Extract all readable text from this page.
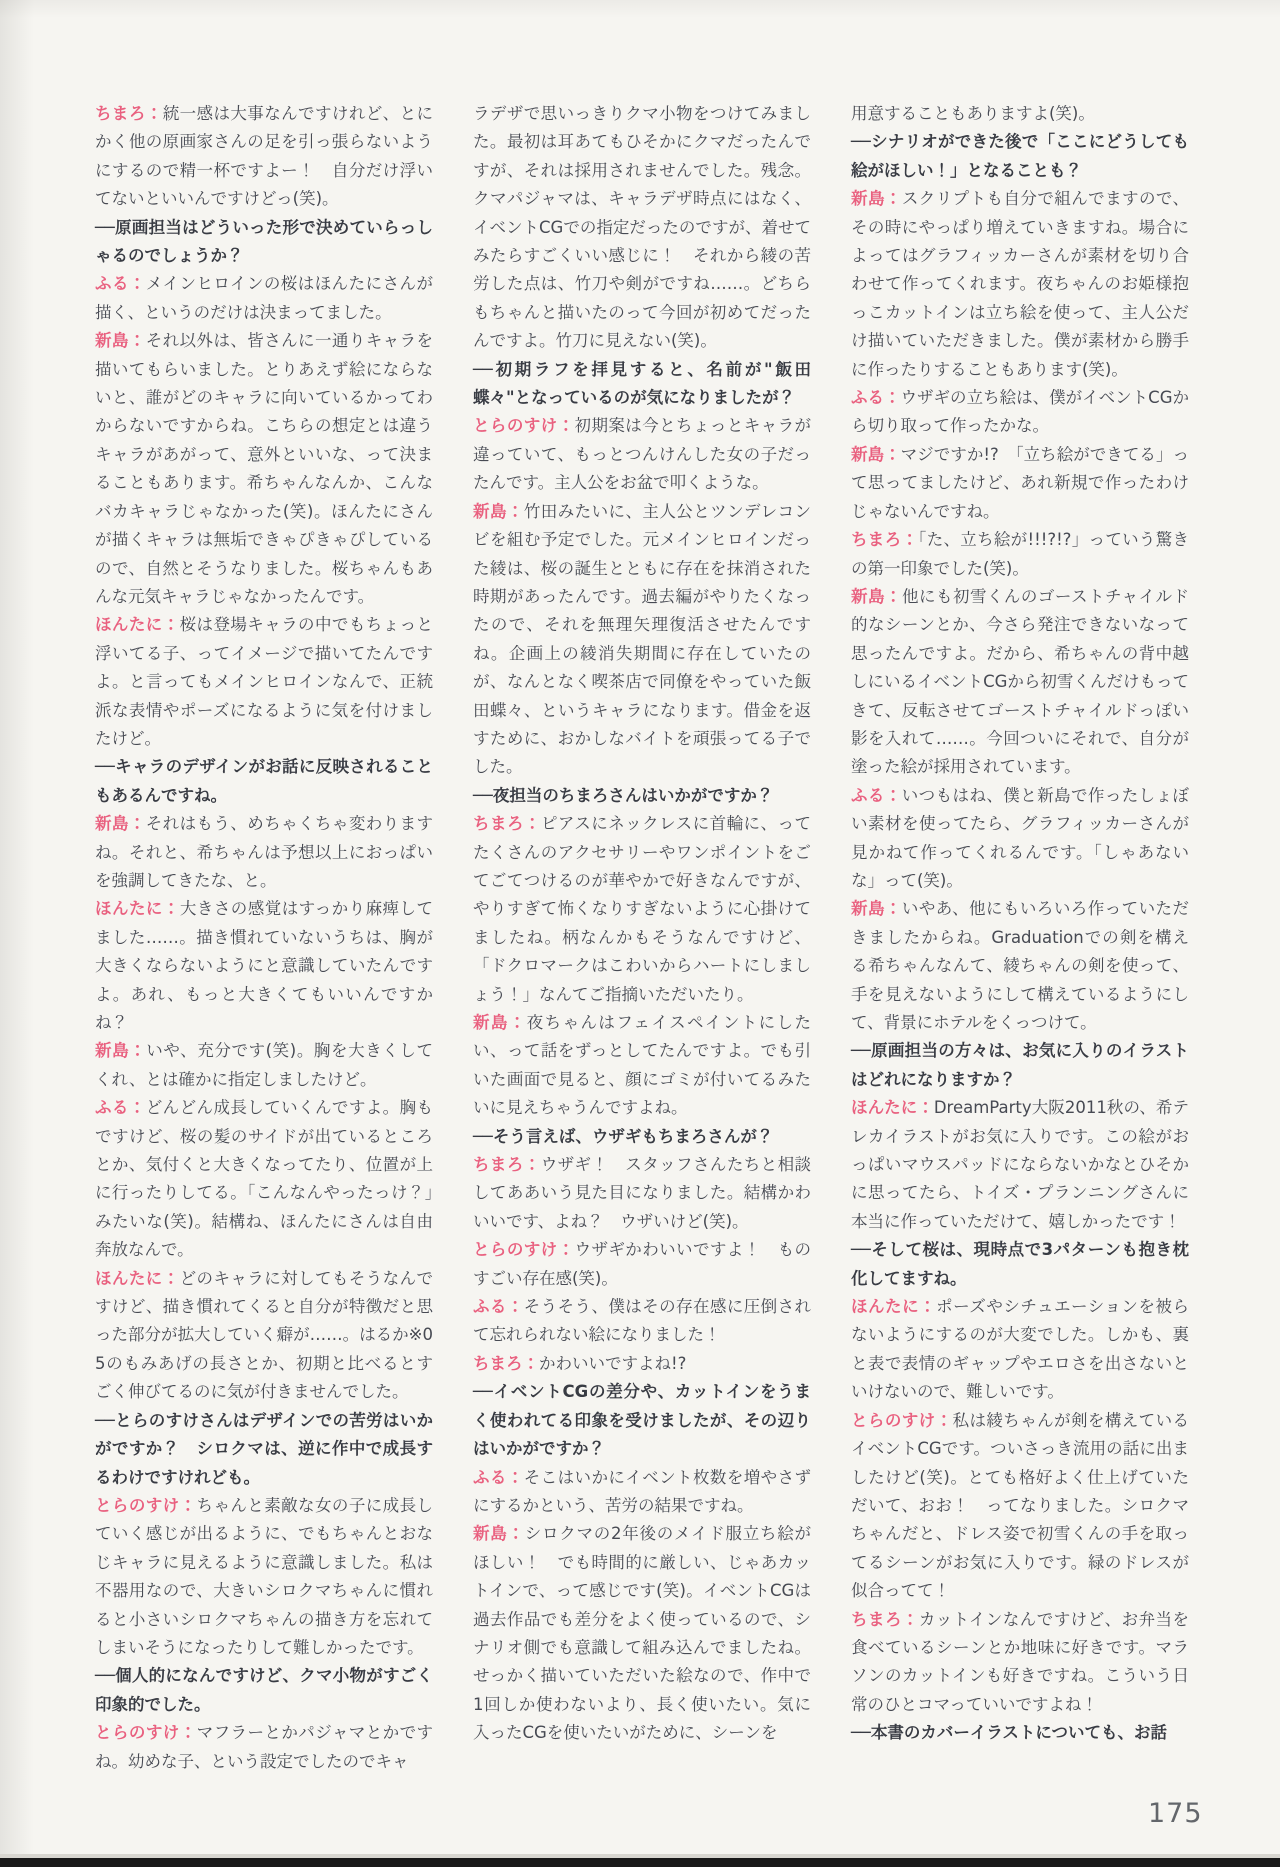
ちまろ：統一感は大事なんですけれど、とにかく他の原画家さんの足を引っ張らないようにするので精一杯ですよー！　自分だけ浮いてないといいんですけどっ(笑)。
──原画担当はどういった形で決めていらっしゃるのでしょうか？
ふる：メインヒロインの桜はほんたにさんが描く、というのだけは決まってました。
新島：それ以外は、皆さんに一通りキャラを描いてもらいました。とりあえず絵にならないと、誰がどのキャラに向いているかってわからないですからね。こちらの想定とは違うキャラがあがって、意外といいな、って決まることもあります。希ちゃんなんか、こんなバカキャラじゃなかった(笑)。ほんたにさんが描くキャラは無垢できゃぴきゃぴしているので、自然とそうなりました。桜ちゃんもあんな元気キャラじゃなかったんです。
ほんたに：桜は登場キャラの中でもちょっと浮いてる子、ってイメージで描いてたんですよ。と言ってもメインヒロインなんで、正統派な表情やポーズになるように気を付けましたけど。
──キャラのデザインがお話に反映されることもあるんですね。
新島：それはもう、めちゃくちゃ変わりますね。それと、希ちゃんは予想以上におっぱいを強調してきたな、と。
ほんたに：大きさの感覚はすっかり麻痺してました……。描き慣れていないうちは、胸が大きくならないようにと意識していたんですよ。あれ、もっと大きくてもいいんですかね？
新島：いや、充分です(笑)。胸を大きくしてくれ、とは確かに指定しましたけど。
ふる：どんどん成長していくんですよ。胸もですけど、桜の髪のサイドが出ているところとか、気付くと大きくなってたり、位置が上に行ったりしてる。「こんなんやったっけ？」みたいな(笑)。結構ね、ほんたにさんは自由奔放なんで。
ほんたに：どのキャラに対してもそうなんですけど、描き慣れてくると自分が特徴だと思った部分が拡大していく癖が……。はるか※05のもみあげの長さとか、初期と比べるとすごく伸びてるのに気が付きませんでした。
──とらのすけさんはデザインでの苦労はいかがですか？　シロクマは、逆に作中で成長するわけですけれども。
とらのすけ：ちゃんと素敵な女の子に成長していく感じが出るように、でもちゃんとおなじキャラに見えるように意識しました。私は不器用なので、大きいシロクマちゃんに慣れると小さいシロクマちゃんの描き方を忘れてしまいそうになったりして難しかったです。
──個人的になんですけど、クマ小物がすごく印象的でした。
とらのすけ：マフラーとかパジャマとかですね。幼めな子、という設定でしたのでキャ
ラデザで思いっきりクマ小物をつけてみました。最初は耳あてもひそかにクマだったんですが、それは採用されませんでした。残念。クマパジャマは、キャラデザ時点にはなく、イベントCGでの指定だったのですが、着せてみたらすごくいい感じに！　それから綾の苦労した点は、竹刀や剣がですね……。どちらもちゃんと描いたのって今回が初めてだったんですよ。竹刀に見えない(笑)。
──初期ラフを拝見すると、名前が"飯田蝶々"となっているのが気になりましたが？
とらのすけ：初期案は今とちょっとキャラが違っていて、もっとつんけんした女の子だったんです。主人公をお盆で叩くような。
新島：竹田みたいに、主人公とツンデレコンビを組む予定でした。元メインヒロインだった綾は、桜の誕生とともに存在を抹消された時期があったんです。過去編がやりたくなったので、それを無理矢理復活させたんですね。企画上の綾消失期間に存在していたのが、なんとなく喫茶店で同僚をやっていた飯田蝶々、というキャラになります。借金を返すために、おかしなバイトを頑張ってる子でした。
──夜担当のちまろさんはいかがですか？
ちまろ：ピアスにネックレスに首輪に、ってたくさんのアクセサリーやワンポイントをごてごてつけるのが華やかで好きなんですが、やりすぎて怖くなりすぎないように心掛けてましたね。柄なんかもそうなんですけど、「ドクロマークはこわいからハートにしましょう！」なんてご指摘いただいたり。
新島：夜ちゃんはフェイスペイントにしたい、って話をずっとしてたんですよ。でも引いた画面で見ると、顔にゴミが付いてるみたいに見えちゃうんですよね。
──そう言えば、ウザギもちまろさんが？
ちまろ：ウザギ！　スタッフさんたちと相談してああいう見た目になりました。結構かわいいです、よね？　ウザいけど(笑)。
とらのすけ：ウザギかわいいですよ！　ものすごい存在感(笑)。
ふる：そうそう、僕はその存在感に圧倒されて忘れられない絵になりました！
ちまろ：かわいいですよね!?
──イベントCGの差分や、カットインをうまく使われてる印象を受けましたが、その辺りはいかがですか？
ふる：そこはいかにイベント枚数を増やさずにするかという、苦労の結果ですね。
新島：シロクマの2年後のメイド服立ち絵がほしい！　でも時間的に厳しい、じゃあカットインで、って感じです(笑)。イベントCGは過去作品でも差分をよく使っているので、シナリオ側でも意識して組み込んでましたね。せっかく描いていただいた絵なので、作中で1回しか使わないより、長く使いたい。気に入ったCGを使いたいがために、シーンを
用意することもありますよ(笑)。
──シナリオができた後で「ここにどうしても絵がほしい！」となることも？
新島：スクリプトも自分で組んでますので、その時にやっぱり増えていきますね。場合によってはグラフィッカーさんが素材を切り合わせて作ってくれます。夜ちゃんのお姫様抱っこカットインは立ち絵を使って、主人公だけ描いていただきました。僕が素材から勝手に作ったりすることもあります(笑)。
ふる：ウザギの立ち絵は、僕がイベントCGから切り取って作ったかな。
新島：マジですか!?　「立ち絵ができてる」って思ってましたけど、あれ新規で作ったわけじゃないんですね。
ちまろ：「た、立ち絵が!!!?!?」っていう驚きの第一印象でした(笑)。
新島：他にも初雪くんのゴーストチャイルド的なシーンとか、今さら発注できないなって思ったんですよ。だから、希ちゃんの背中越しにいるイベントCGから初雪くんだけもってきて、反転させてゴーストチャイルドっぽい影を入れて……。今回ついにそれで、自分が塗った絵が採用されています。
ふる：いつもはね、僕と新島で作ったしょぼい素材を使ってたら、グラフィッカーさんが見かねて作ってくれるんです。「しゃあないな」って(笑)。
新島：いやあ、他にもいろいろ作っていただきましたからね。Graduationでの剣を構える希ちゃんなんて、綾ちゃんの剣を使って、手を見えないようにして構えているようにして、背景にホテルをくっつけて。
──原画担当の方々は、お気に入りのイラストはどれになりますか？
ほんたに：DreamParty大阪2011秋の、希テレカイラストがお気に入りです。この絵がおっぱいマウスパッドにならないかなとひそかに思ってたら、トイズ・プランニングさんに本当に作っていただけて、嬉しかったです！
──そして桜は、現時点で3パターンも抱き枕化してますね。
ほんたに：ポーズやシチュエーションを被らないようにするのが大変でした。しかも、裏と表で表情のギャップやエロさを出さないといけないので、難しいです。
とらのすけ：私は綾ちゃんが剣を構えているイベントCGです。ついさっき流用の話に出ましたけど(笑)。とても格好よく仕上げていただいて、おお！　ってなりました。シロクマちゃんだと、ドレス姿で初雪くんの手を取ってるシーンがお気に入りです。緑のドレスが似合ってて！
ちまろ：カットインなんですけど、お弁当を食べているシーンとか地味に好きです。マラソンのカットインも好きですね。こういう日常のひとコマっていいですよね！
──本書のカバーイラストについても、お話
175
